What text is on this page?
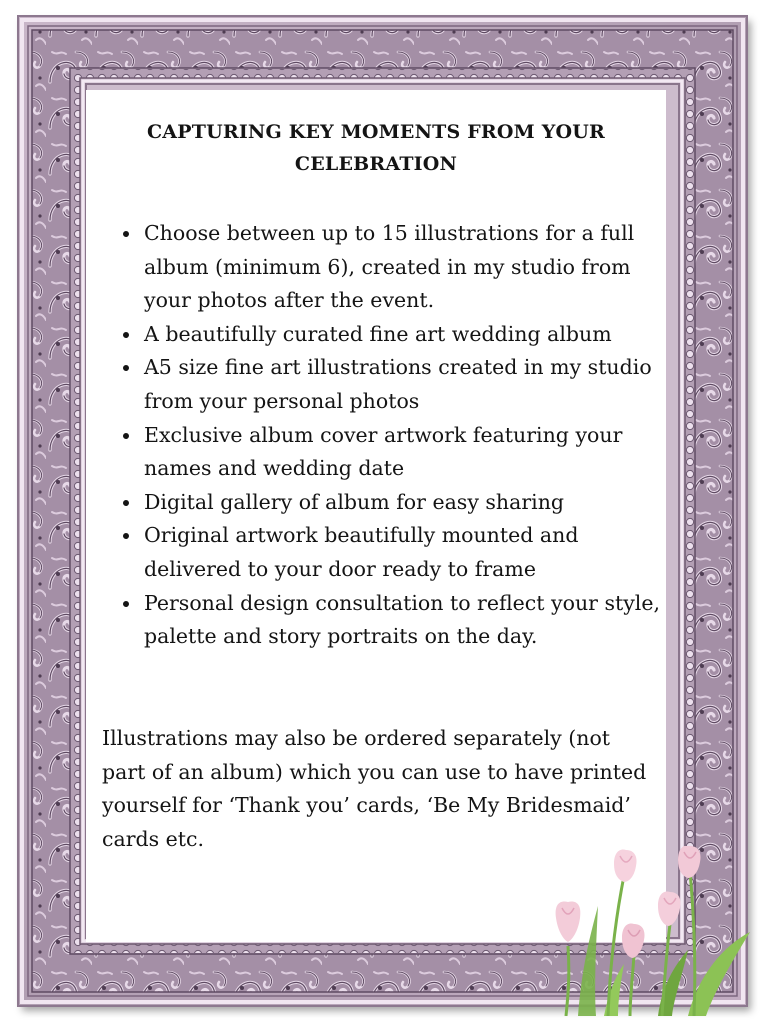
CAPTURING KEY MOMENTS FROM YOUR
CELEBRATION
Choose between up to 15 illustrations for a full album (minimum 6), created in my studio from your photos after the event.
A beautifully curated fine art wedding album
A5 size fine art illustrations created in my studio from your personal photos
Exclusive album cover artwork featuring your names and wedding date
Digital gallery of album for easy sharing
Original artwork beautifully mounted and delivered to your door ready to frame
Personal design consultation to reflect your style, palette and story portraits on the day.

Illustrations may also be ordered separately (not part of an album) which you can use to have printed yourself for ‘Thank you’ cards, ‘Be My Bridesmaid’ cards etc.
